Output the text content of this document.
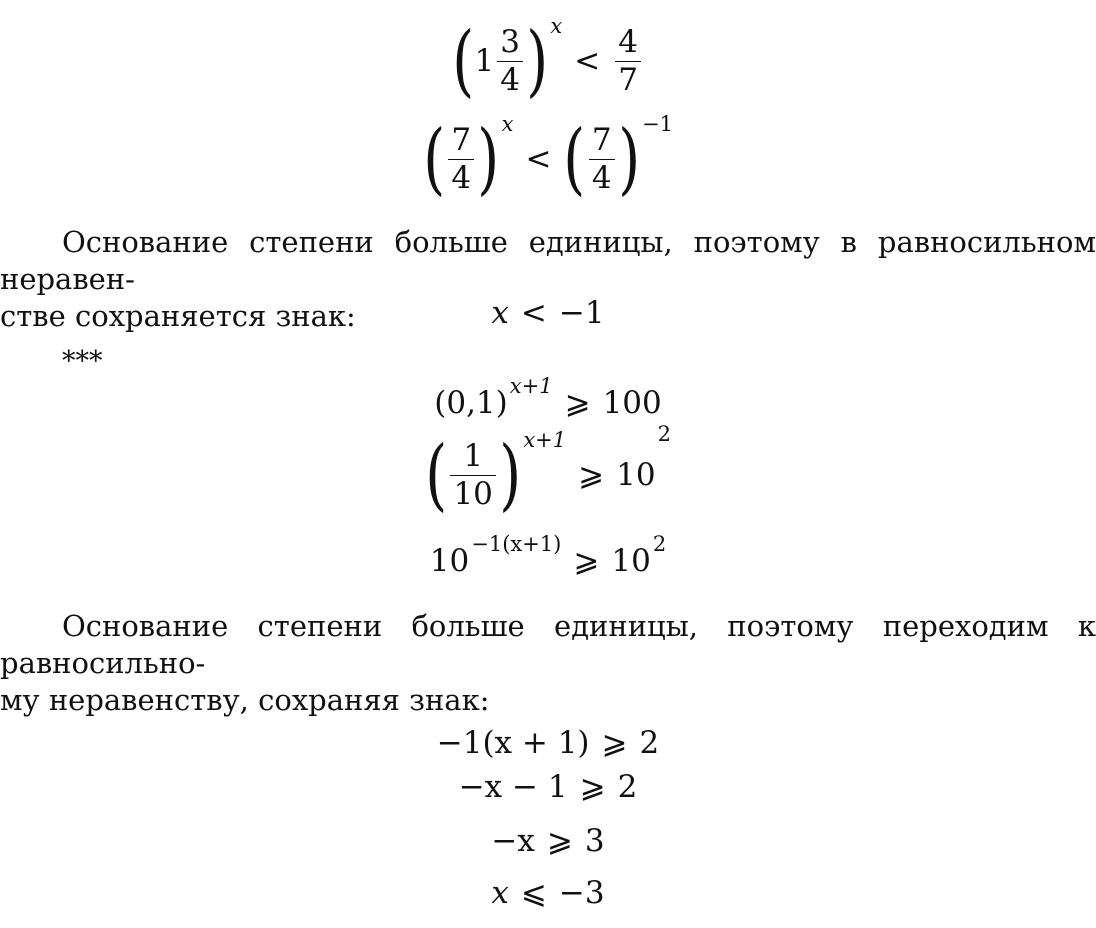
( $1 \frac{3}{4}$ ) x
< $\frac{4}{7}$
( $\frac{7}{4}$ ) x
< ( $\frac{7}{4}$ ) −1

Основание степени больше единицы, поэтому в равносильном неравен-
стве сохраняется знак:	x < −1
***
(0,1) x+1 ⩾ 100
( $\frac{1}{10}$ ) x+1
⩾ 10
2
10 −1(x+1) ⩾ 10 2

Основание степени больше единицы, поэтому переходим к равносильно-
му неравенству, сохраняя знак:

−1(x + 1) ⩾ 2
−x − 1 ⩾ 2
−x ⩾ 3
x ⩽ −3
